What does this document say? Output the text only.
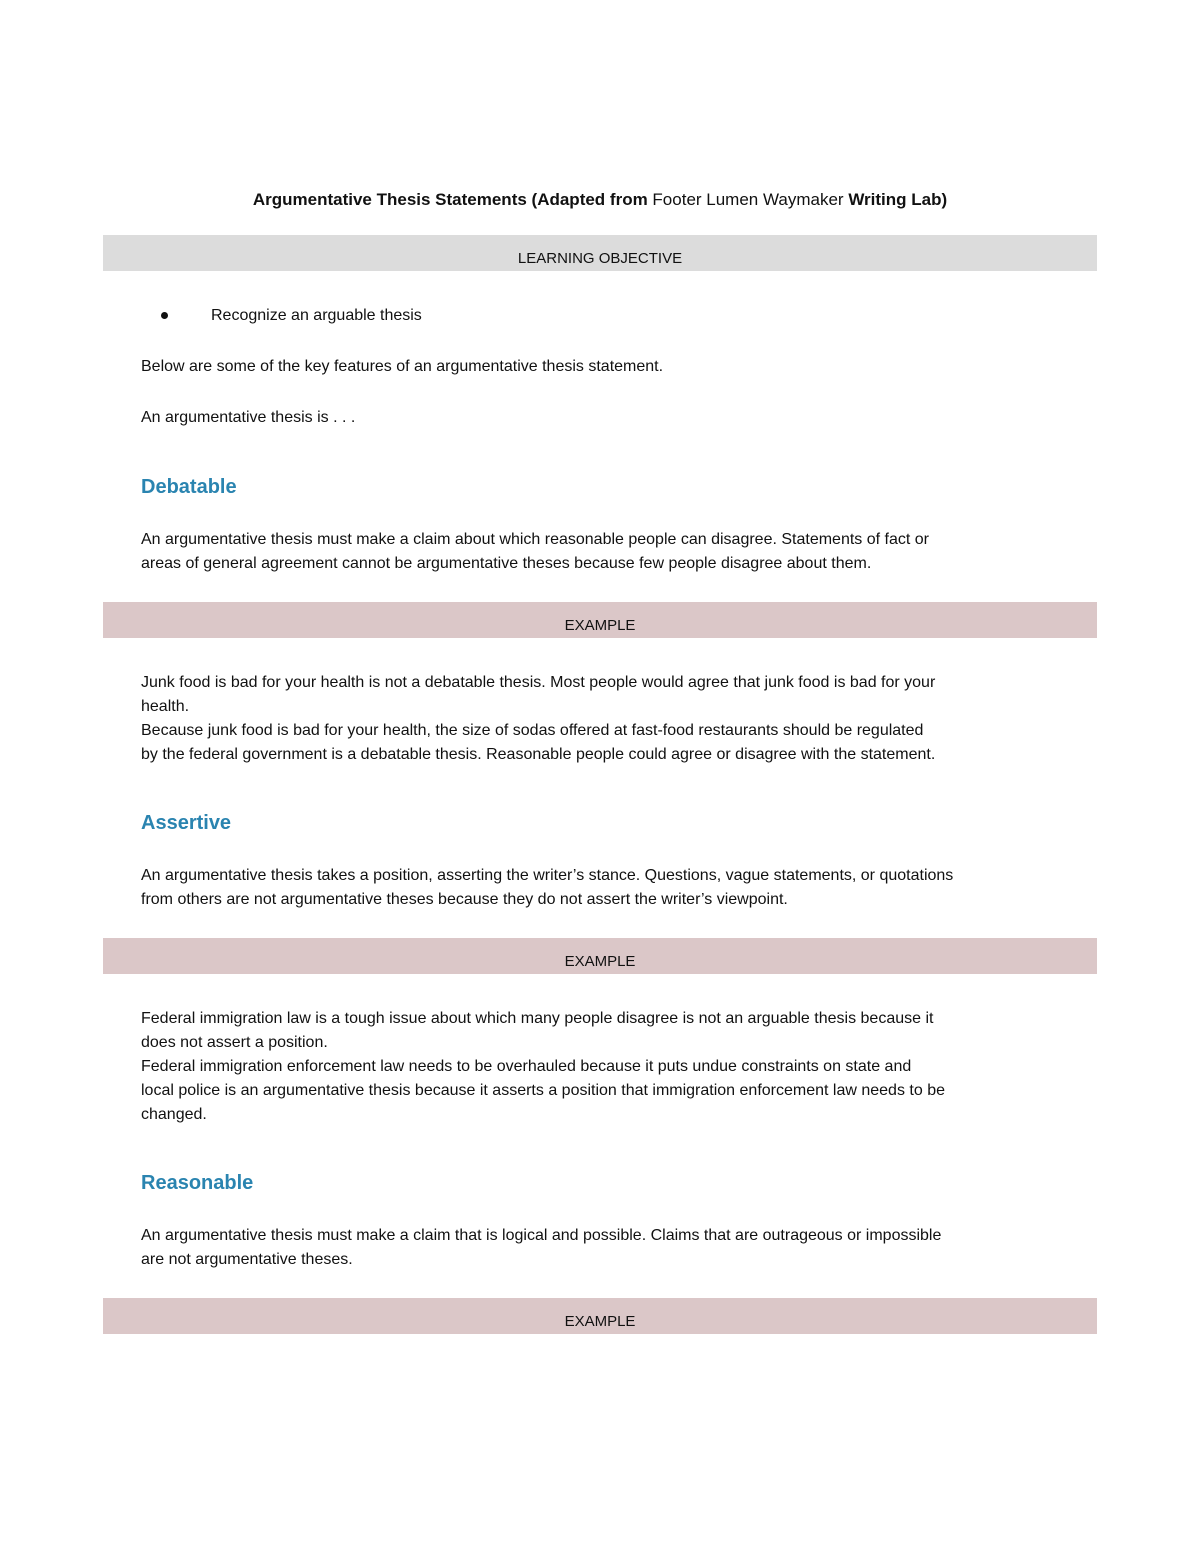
Argumentative Thesis Statements (Adapted from Footer Lumen Waymaker Writing Lab)
LEARNING OBJECTIVE
Recognize an arguable thesis
Below are some of the key features of an argumentative thesis statement.
An argumentative thesis is . . .
Debatable
An argumentative thesis must make a claim about which reasonable people can disagree. Statements of fact or
areas of general agreement cannot be argumentative theses because few people disagree about them.
EXAMPLE
Junk food is bad for your health is not a debatable thesis. Most people would agree that junk food is bad for your
health.
Because junk food is bad for your health, the size of sodas offered at fast-food restaurants should be regulated
by the federal government is a debatable thesis. Reasonable people could agree or disagree with the statement.
Assertive
An argumentative thesis takes a position, asserting the writer’s stance. Questions, vague statements, or quotations
from others are not argumentative theses because they do not assert the writer’s viewpoint.
EXAMPLE
Federal immigration law is a tough issue about which many people disagree is not an arguable thesis because it
does not assert a position.
Federal immigration enforcement law needs to be overhauled because it puts undue constraints on state and
local police is an argumentative thesis because it asserts a position that immigration enforcement law needs to be
changed.
Reasonable
An argumentative thesis must make a claim that is logical and possible. Claims that are outrageous or impossible
are not argumentative theses.
EXAMPLE
